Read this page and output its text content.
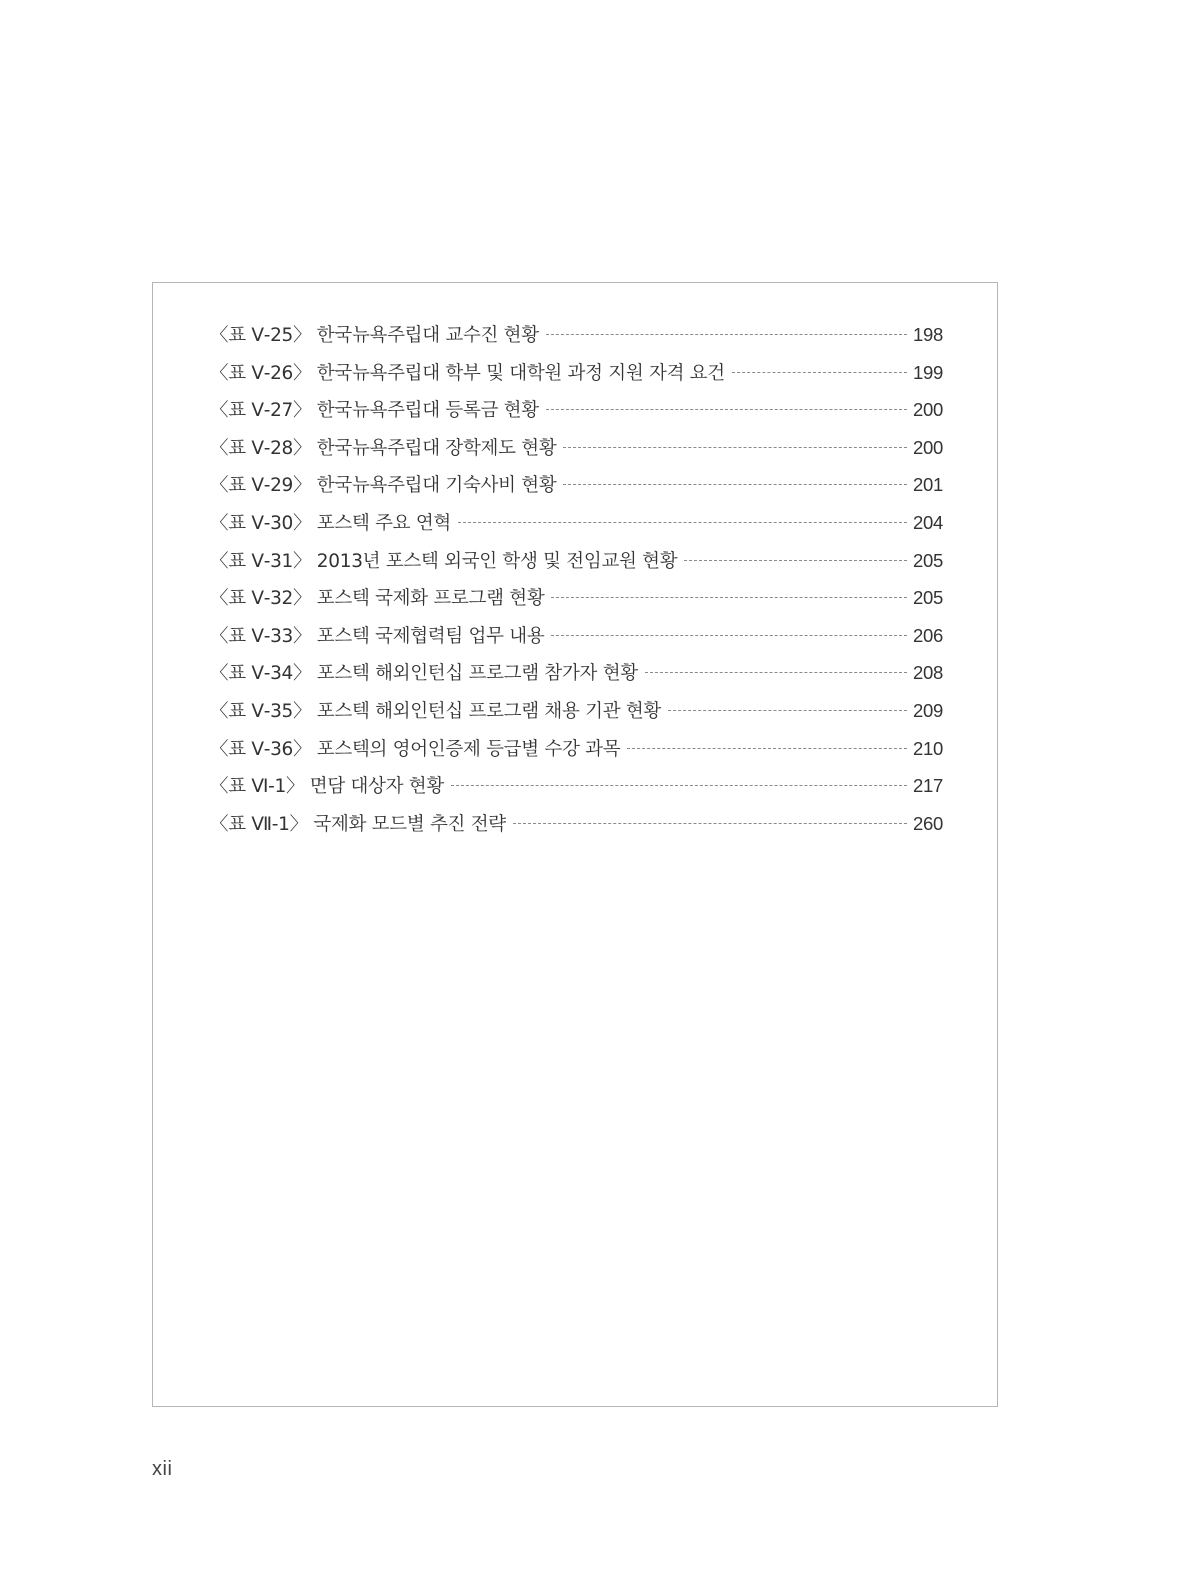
〈표 Ⅴ-25〉 한국뉴욕주립대 교수진 현황	198
〈표 Ⅴ-26〉 한국뉴욕주립대 학부 및 대학원 과정 지원 자격 요건	199
〈표 Ⅴ-27〉 한국뉴욕주립대 등록금 현황	200
〈표 Ⅴ-28〉 한국뉴욕주립대 장학제도 현황	200
〈표 Ⅴ-29〉 한국뉴욕주립대 기숙사비 현황	201
〈표 Ⅴ-30〉 포스텍 주요 연혁	204
〈표 Ⅴ-31〉 2013년 포스텍 외국인 학생 및 전임교원 현황	205
〈표 Ⅴ-32〉 포스텍 국제화 프로그램 현황	205
〈표 Ⅴ-33〉 포스텍 국제협력팀 업무 내용	206
〈표 Ⅴ-34〉 포스텍 해외인턴십 프로그램 참가자 현황	208
〈표 Ⅴ-35〉 포스텍 해외인턴십 프로그램 채용 기관 현황	209
〈표 Ⅴ-36〉 포스텍의 영어인증제 등급별 수강 과목	210
〈표 Ⅵ-1〉 면담 대상자 현황	217
〈표 Ⅶ-1〉 국제화 모드별 추진 전략	260
xii
